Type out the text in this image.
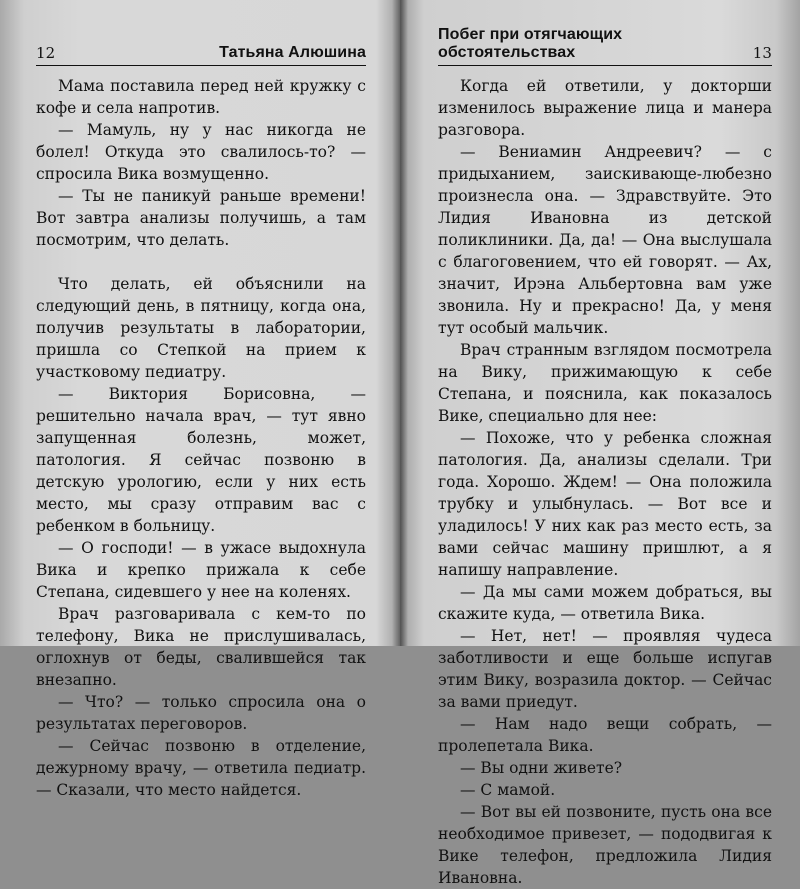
12	Татьяна Алюшина

Мама поставила перед ней кружку с кофе и села напротив.

— Мамуль, ну у нас никогда не болел! Откуда это свалилось-то? — спросила Вика возмущенно.

— Ты не паникуй раньше времени! Вот завтра анализы получишь, а там посмотрим, что делать.

Что делать, ей объяснили на следующий день, в пятницу, когда она, получив результаты в лаборатории, пришла со Степкой на прием к участковому педиатру.

— Виктория Борисовна, — решительно начала врач, — тут явно запущенная болезнь, может, патология. Я сейчас позвоню в детскую урологию, если у них есть место, мы сразу отправим вас с ребенком в больницу.

— О господи! — в ужасе выдохнула Вика и крепко прижала к себе Степана, сидевшего у нее на коленях.

Врач разговаривала с кем-то по телефону, Вика не прислушивалась, оглохнув от беды, свалившейся так внезапно.

— Что? — только спросила она о результатах переговоров.

— Сейчас позвоню в отделение, дежурному врачу, — ответила педиатр. — Сказали, что место найдется.

Побег при отягчающих обстоятельствах	13

Когда ей ответили, у докторши изменилось выражение лица и манера разговора.

— Вениамин Андреевич? — с придыханием, заискивающе-любезно произнесла она. — Здравствуйте. Это Лидия Ивановна из детской поликлиники. Да, да! — Она выслушала с благоговением, что ей говорят. — Ах, значит, Ирэна Альбертовна вам уже звонила. Ну и прекрасно! Да, у меня тут особый мальчик.

Врач странным взглядом посмотрела на Вику, прижимающую к себе Степана, и пояснила, как показалось Вике, специально для нее:

— Похоже, что у ребенка сложная патология. Да, анализы сделали. Три года. Хорошо. Ждем! — Она положила трубку и улыбнулась. — Вот все и уладилось! У них как раз место есть, за вами сейчас машину пришлют, а я напишу направление.

— Да мы сами можем добраться, вы скажите куда, — ответила Вика.

— Нет, нет! — проявляя чудеса заботливости и еще больше испугав этим Вику, возразила доктор. — Сейчас за вами приедут.

— Нам надо вещи собрать, — пролепетала Вика.

— Вы одни живете?

— С мамой.

— Вот вы ей позвоните, пусть она все необходимое привезет, — пододвигая к Вике телефон, предложила Лидия Ивановна.
